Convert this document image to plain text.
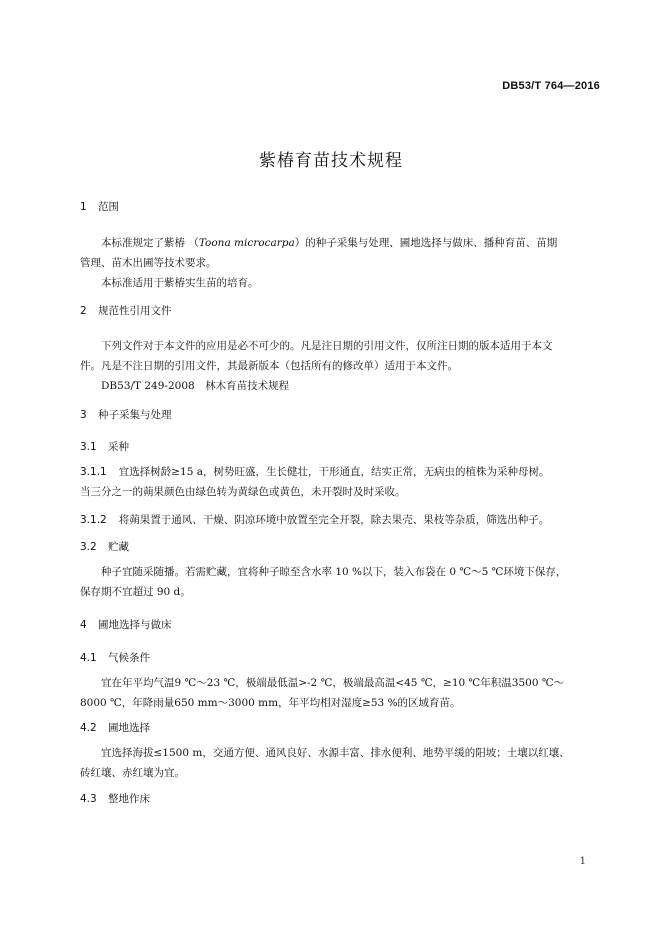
DB53/T 764—2016
紫椿育苗技术规程
1 范围
本标准规定了紫椿 （Toona microcarpa）的种子采集与处理、圃地选择与做床、播种育苗、苗期
管理、苗木出圃等技术要求。
本标准适用于紫椿实生苗的培育。
2 规范性引用文件
下列文件对于本文件的应用是必不可少的。凡是注日期的引用文件，仅所注日期的版本适用于本文
件。凡是不注日期的引用文件，其最新版本（包括所有的修改单）适用于本文件。
DB53/T 249-2008　林木育苗技术规程
3 种子采集与处理
3.1 采种
3.1.1 宜选择树龄≥15 a，树势旺盛，生长健壮，干形通直，结实正常，无病虫的植株为采种母树。
当三分之一的蒴果颜色由绿色转为黄绿色或黄色，未开裂时及时采收。
3.1.2 将蒴果置于通风、干燥、阴凉环境中放置至完全开裂，除去果壳、果枝等杂质，筛选出种子。
3.2 贮藏
种子宜随采随播。若需贮藏，宜将种子晾至含水率 10 %以下，装入布袋在 0 ℃～5 ℃环境下保存，
保存期不宜超过 90 d。
4 圃地选择与做床
4.1 气候条件
宜在年平均气温9 ℃～23 ℃，极端最低温>-2 ℃，极端最高温<45 ℃，≥10 ℃年积温3500 ℃～
8000 ℃，年降雨量650 mm～3000 mm，年平均相对湿度≥53 %的区域育苗。
4.2 圃地选择
宜选择海拔≤1500 m，交通方便、通风良好、水源丰富、排水便利、地势平缓的阳坡；土壤以红壤、
砖红壤、赤红壤为宜。
4.3 整地作床
1
